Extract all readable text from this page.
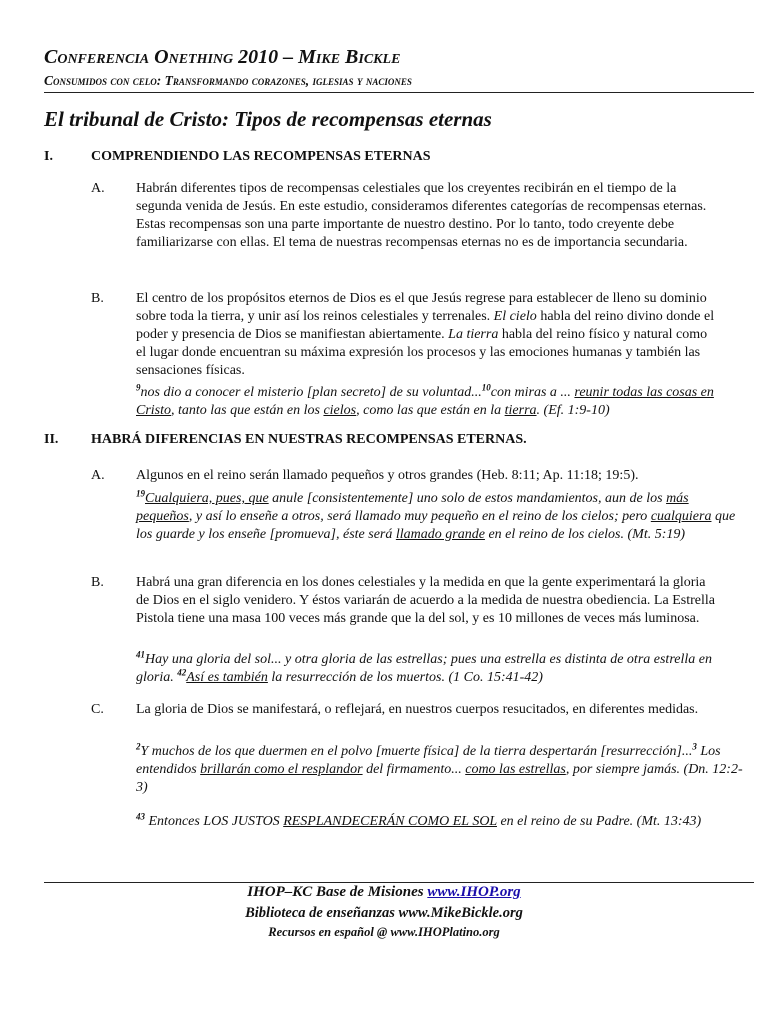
Conferencia Onething 2010 – Mike Bickle
Consumidos con celo: Transformando corazones, iglesias y naciones
El tribunal de Cristo: Tipos de recompensas eternas
I.	COMPRENDIENDO LAS RECOMPENSAS ETERNAS
A. Habrán diferentes tipos de recompensas celestiales que los creyentes recibirán en el tiempo de la segunda venida de Jesús. En este estudio, consideramos diferentes categorías de recompensas eternas. Estas recompensas son una parte importante de nuestro destino. Por lo tanto, todo creyente debe familiarizarse con ellas. El tema de nuestras recompensas eternas no es de importancia secundaria.
B. El centro de los propósitos eternos de Dios es el que Jesús regrese para establecer de lleno su dominio sobre toda la tierra, y unir así los reinos celestiales y terrenales. El cielo habla del reino divino donde el poder y presencia de Dios se manifiestan abiertamente. La tierra habla del reino físico y natural como el lugar donde encuentran su máxima expresión los procesos y las emociones humanas y también las sensaciones físicas.
$^9$nos dio a conocer el misterio [plan secreto] de su voluntad...$^{10}$con miras a ... reunir todas las cosas en Cristo, tanto las que están en los cielos, como las que están en la tierra. (Ef. 1:9-10)
II. HABRÁ DIFERENCIAS EN NUESTRAS RECOMPENSAS ETERNAS.
A. Algunos en el reino serán llamado pequeños y otros grandes (Heb. 8:11; Ap. 11:18; 19:5).
$^{19}$Cualquiera, pues, que anule [consistentemente] uno solo de estos mandamientos, aun de los más pequeños, y así lo enseñe a otros, será llamado muy pequeño en el reino de los cielos; pero cualquiera que los guarde y los enseñe [promueva], éste será llamado grande en el reino de los cielos. (Mt. 5:19)
B. Habrá una gran diferencia en los dones celestiales y la medida en que la gente experimentará la gloria de Dios en el siglo venidero. Y éstos variarán de acuerdo a la medida de nuestra obediencia. La Estrella Pistola tiene una masa 100 veces más grande que la del sol, y es 10 millones de veces más luminosa.
$^{41}$Hay una gloria del sol... y otra gloria de las estrellas; pues una estrella es distinta de otra estrella en gloria. $^{42}$Así es también la resurrección de los muertos. (1 Co. 15:41-42)
C. La gloria de Dios se manifestará, o reflejará, en nuestros cuerpos resucitados, en diferentes medidas.
$^2$Y muchos de los que duermen en el polvo [muerte física] de la tierra despertarán [resurrección]...$^3$ Los entendidos brillarán como el resplandor del firmamento... como las estrellas, por siempre jamás. (Dn. 12:2-3)
$^{43}$ Entonces LOS JUSTOS RESPLANDECERÁN COMO EL SOL en el reino de su Padre. (Mt. 13:43)
IHOP–KC Base de Misiones www.IHOP.org
Biblioteca de enseñanzas www.MikeBickle.org
Recursos en español @ www.IHOPlatino.org
